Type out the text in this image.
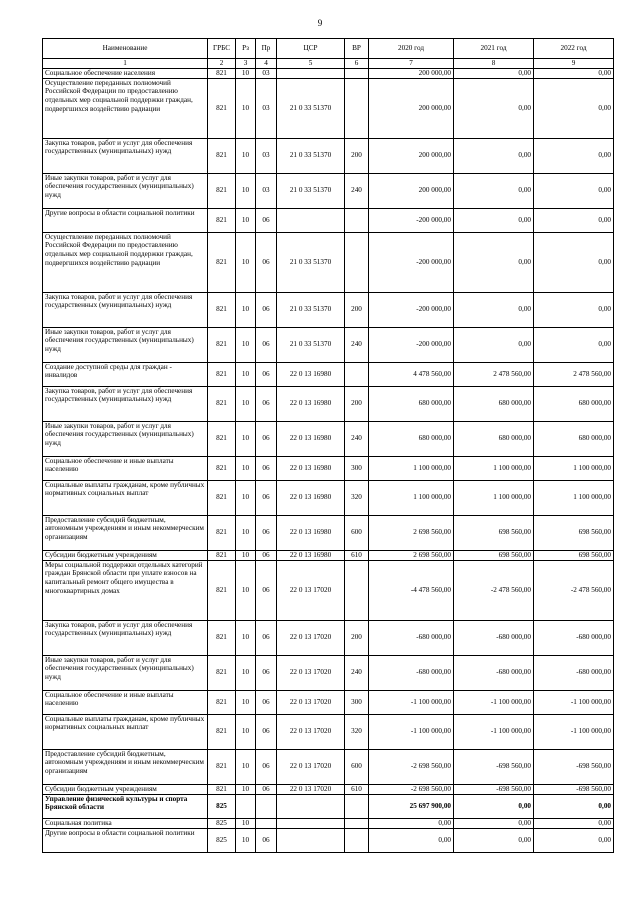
9
Наименование	ГРБС	Рз	Пр	ЦСР	ВР	2020 год	2021 год	2022 год
1	2	3	4	5	6	7	8	9
Социальное обеспечение населения	821	10	03			200 000,00	0,00	0,00
Осуществление переданных полномочий Российской Федерации по предоставлению отдельных мер социальной поддержки граждан, подвергшихся воздействию радиации	821	10	03	21 0 33 51370		200 000,00	0,00	0,00
Закупка товаров, работ и услуг для обеспечения государственных (муниципальных) нужд	821	10	03	21 0 33 51370	200	200 000,00	0,00	0,00
Иные закупки товаров, работ и услуг для обеспечения государственных (муниципальных) нужд	821	10	03	21 0 33 51370	240	200 000,00	0,00	0,00
Другие вопросы в области социальной политики	821	10	06			-200 000,00	0,00	0,00
Осуществление переданных полномочий Российской Федерации по предоставлению отдельных мер социальной поддержки граждан, подвергшихся воздействию радиации	821	10	06	21 0 33 51370		-200 000,00	0,00	0,00
Закупка товаров, работ и услуг для обеспечения государственных (муниципальных) нужд	821	10	06	21 0 33 51370	200	-200 000,00	0,00	0,00
Иные закупки товаров, работ и услуг для обеспечения государственных (муниципальных) нужд	821	10	06	21 0 33 51370	240	-200 000,00	0,00	0,00
Создание доступной среды для граждан - инвалидов	821	10	06	22 0 13 16980		4 478 560,00	2 478 560,00	2 478 560,00
Закупка товаров, работ и услуг для обеспечения государственных (муниципальных) нужд	821	10	06	22 0 13 16980	200	680 000,00	680 000,00	680 000,00
Иные закупки товаров, работ и услуг для обеспечения государственных (муниципальных) нужд	821	10	06	22 0 13 16980	240	680 000,00	680 000,00	680 000,00
Социальное обеспечение и иные выплаты населению	821	10	06	22 0 13 16980	300	1 100 000,00	1 100 000,00	1 100 000,00
Социальные выплаты гражданам, кроме публичных нормативных социальных выплат	821	10	06	22 0 13 16980	320	1 100 000,00	1 100 000,00	1 100 000,00
Предоставление субсидий бюджетным, автономным учреждениям и иным некоммерческим организациям	821	10	06	22 0 13 16980	600	2 698 560,00	698 560,00	698 560,00
Субсидии бюджетным учреждениям	821	10	06	22 0 13 16980	610	2 698 560,00	698 560,00	698 560,00
Меры социальной поддержки отдельных категорий граждан Брянской области при уплате взносов на капитальный ремонт общего имущества в многоквартирных домах	821	10	06	22 0 13 17020		-4 478 560,00	-2 478 560,00	-2 478 560,00
Закупка товаров, работ и услуг для обеспечения государственных (муниципальных) нужд	821	10	06	22 0 13 17020	200	-680 000,00	-680 000,00	-680 000,00
Иные закупки товаров, работ и услуг для обеспечения государственных (муниципальных) нужд	821	10	06	22 0 13 17020	240	-680 000,00	-680 000,00	-680 000,00
Социальное обеспечение и иные выплаты населению	821	10	06	22 0 13 17020	300	-1 100 000,00	-1 100 000,00	-1 100 000,00
Социальные выплаты гражданам, кроме публичных нормативных социальных выплат	821	10	06	22 0 13 17020	320	-1 100 000,00	-1 100 000,00	-1 100 000,00
Предоставление субсидий бюджетным, автономным учреждениям и иным некоммерческим организациям	821	10	06	22 0 13 17020	600	-2 698 560,00	-698 560,00	-698 560,00
Субсидии бюджетным учреждениям	821	10	06	22 0 13 17020	610	-2 698 560,00	-698 560,00	-698 560,00
Управление физической культуры и спорта Брянской области	825					25 697 900,00	0,00	0,00
Социальная политика	825	10				0,00	0,00	0,00
Другие вопросы в области социальной политики	825	10	06			0,00	0,00	0,00
